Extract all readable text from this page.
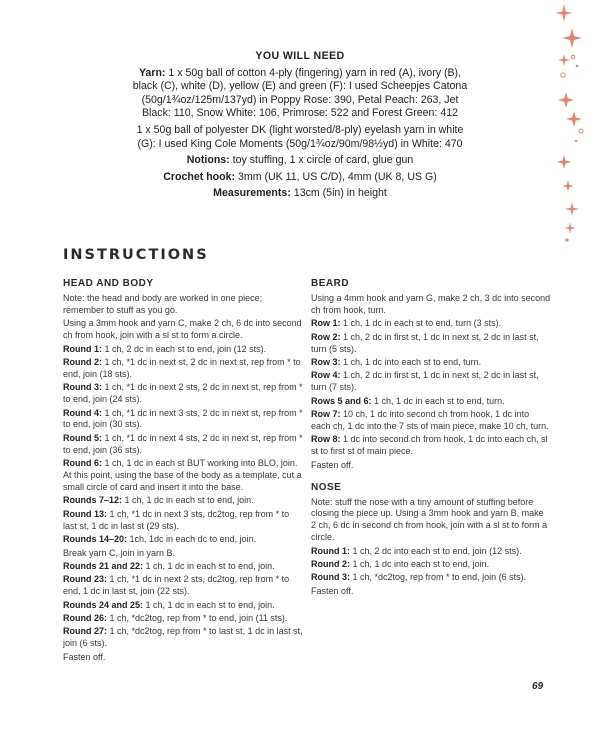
YOU WILL NEED

Yarn: 1 x 50g ball of cotton 4-ply (fingering) yarn in red (A), ivory (B), black (C), white (D), yellow (E) and green (F): I used Scheepjes Catona (50g/1¾oz/125m/137yd) in Poppy Rose: 390, Petal Peach: 263, Jet Black: 110, Snow White: 106, Primrose: 522 and Forest Green: 412

1 x 50g ball of polyester DK (light worsted/8-ply) eyelash yarn in white (G): I used King Cole Moments (50g/1¾oz/90m/98½yd) in White: 470

Notions: toy stuffing, 1 x circle of card, glue gun

Crochet hook: 3mm (UK 11, US C/D), 4mm (UK 8, US G)

Measurements: 13cm (5in) in height

INSTRUCTIONS
HEAD AND BODY

Note: the head and body are worked in one piece; remember to stuff as you go.

Using a 3mm hook and yarn C, make 2 ch, 6 dc into second ch from hook, join with a sl st to form a circle.

Round 1: 1 ch, 2 dc in each st to end, join (12 sts).

Round 2: 1 ch, *1 dc in next st, 2 dc in next st, rep from * to end, join (18 sts).

Round 3: 1 ch, *1 dc in next 2 sts, 2 dc in next st, rep from * to end, join (24 sts).

Round 4: 1 ch, *1 dc in next 3 sts, 2 dc in next st, rep from * to end, join (30 sts).

Round 5: 1 ch, *1 dc in next 4 sts, 2 dc in next st, rep from * to end, join (36 sts).

Round 6: 1 ch, 1 dc in each st BUT working into BLO, join. At this point, using the base of the body as a template, cut a small circle of card and insert it into the base.

Rounds 7–12: 1 ch, 1 dc in each st to end, join.

Round 13: 1 ch, *1 dc in next 3 sts, dc2tog, rep from * to last st, 1 dc in last st (29 sts).

Rounds 14–20: 1ch, 1dc in each dc to end, join.

Break yarn C, join in yarn B.

Rounds 21 and 22: 1 ch, 1 dc in each st to end, join.

Round 23: 1 ch, *1 dc in next 2 sts, dc2tog, rep from * to end, 1 dc in last st, join (22 sts).

Rounds 24 and 25: 1 ch, 1 dc in each st to end, join.

Round 26: 1 ch, *dc2tog, rep from * to end, join (11 sts).

Round 27: 1 ch, *dc2tog, rep from * to last st, 1 dc in last st, join (6 sts).

Fasten off.

BEARD

Using a 4mm hook and yarn G, make 2 ch, 3 dc into second ch from hook, turn.

Row 1: 1 ch, 1 dc in each st to end, turn (3 sts).

Row 2: 1 ch, 2 dc in first st, 1 dc in next st, 2 dc in last st, turn (5 sts).

Row 3: 1 ch, 1 dc into each st to end, turn.

Row 4: 1 ch, 2 dc in first st, 1 dc in next st, 2 dc in last st, turn (7 sts).

Rows 5 and 6: 1 ch, 1 dc in each st to end, turn.

Row 7: 10 ch, 1 dc into second ch from hook, 1 dc into each ch, 1 dc into the 7 sts of main piece, make 10 ch, turn.

Row 8: 1 dc into second ch from hook, 1 dc into each ch, sl st to first st of main piece.

Fasten off.

NOSE

Note: stuff the nose with a tiny amount of stuffing before closing the piece up. Using a 3mm hook and yarn B, make 2 ch, 6 dc in second ch from hook, join with a sl st to form a circle.

Round 1: 1 ch, 2 dc into each st to end, join (12 sts).

Round 2: 1 ch, 1 dc into each st to end, join.

Round 3: 1 ch, *dc2tog, rep from * to end, join (6 sts).

Fasten off.

69
